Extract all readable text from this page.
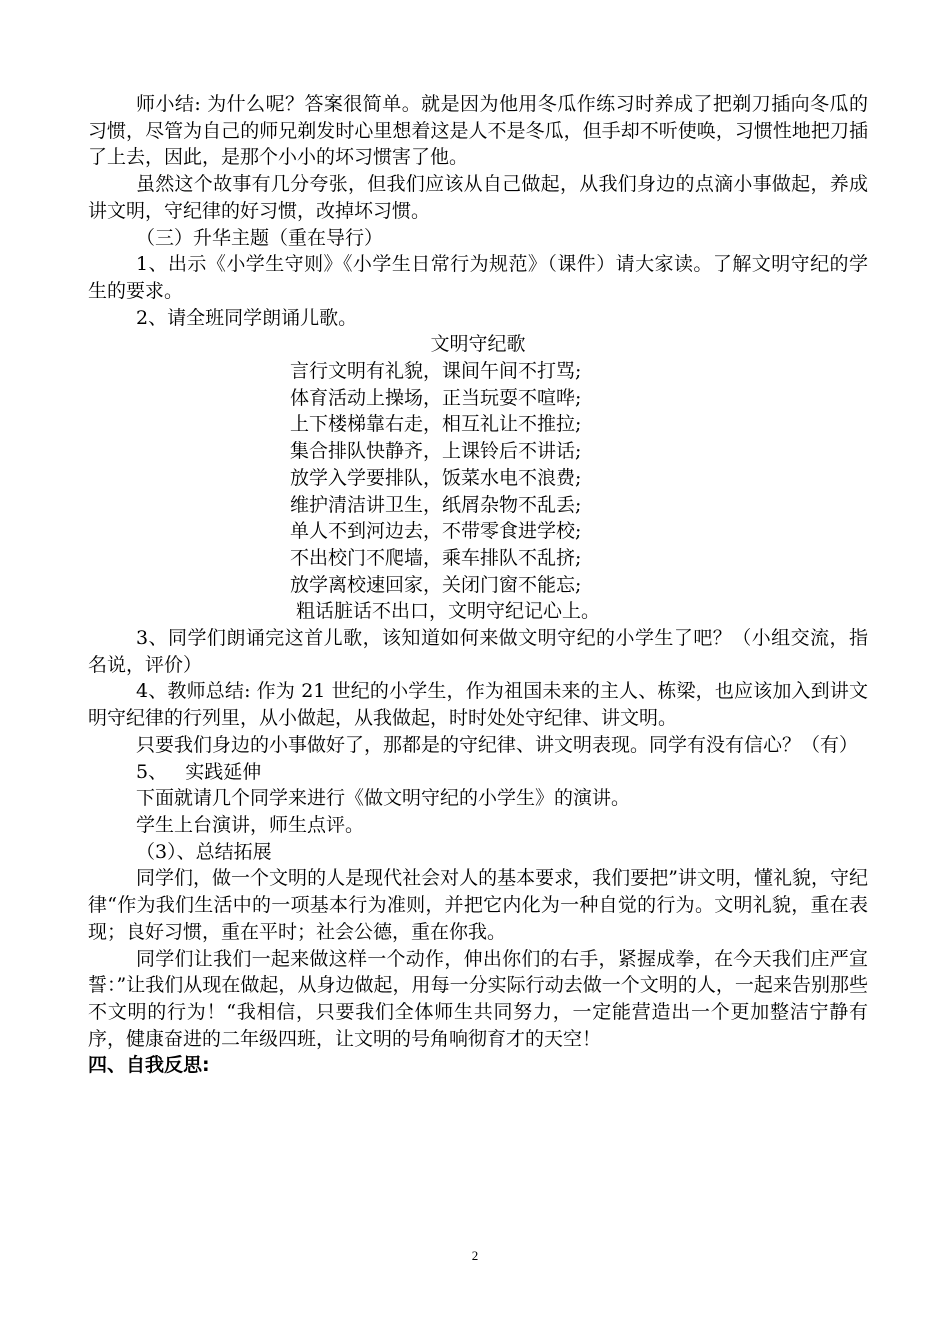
师小结: 为什么呢？答案很简单。就是因为他用冬瓜作练习时养成了把剃刀插向冬瓜的习惯，尽管为自己的师兄剃发时心里想着这是人不是冬瓜，但手却不听使唤，习惯性地把刀插了上去，因此，是那个小小的坏习惯害了他。

虽然这个故事有几分夸张，但我们应该从自己做起，从我们身边的点滴小事做起，养成讲文明，守纪律的好习惯，改掉坏习惯。

（三）升华主题（重在导行）

1、出示《小学生守则》《小学生日常行为规范》（课件）请大家读。了解文明守纪的学生的要求。

2、请全班同学朗诵儿歌。

文明守纪歌

言行文明有礼貌，课间午间不打骂;
体育活动上操场，正当玩耍不喧哗;
上下楼梯靠右走，相互礼让不推拉;
集合排队快静齐，上课铃后不讲话;
放学入学要排队，饭菜水电不浪费;
维护清洁讲卫生，纸屑杂物不乱丢;
单人不到河边去，不带零食进学校;
不出校门不爬墙，乘车排队不乱挤;
放学离校速回家，关闭门窗不能忘;
粗话脏话不出口，文明守纪记心上。

3、同学们朗诵完这首儿歌，该知道如何来做文明守纪的小学生了吧？（小组交流，指名说，评价）

4、教师总结: 作为 21 世纪的小学生，作为祖国未来的主人、栋梁，也应该加入到讲文明守纪律的行列里，从小做起，从我做起，时时处处守纪律、讲文明。

只要我们身边的小事做好了，那都是的守纪律、讲文明表现。同学有没有信心？（有）

5、   实践延伸

下面就请几个同学来进行《做文明守纪的小学生》的演讲。

学生上台演讲，师生点评。

（3）、总结拓展

同学们，做一个文明的人是现代社会对人的基本要求，我们要把”讲文明，懂礼貌，守纪律“作为我们生活中的一项基本行为准则，并把它内化为一种自觉的行为。文明礼貌，重在表现；良好习惯，重在平时；社会公德，重在你我。

同学们让我们一起来做这样一个动作，伸出你们的右手，紧握成拳，在今天我们庄严宣誓：”让我们从现在做起，从身边做起，用每一分实际行动去做一个文明的人，一起来告别那些不文明的行为！“我相信，只要我们全体师生共同努力，一定能营造出一个更加整洁宁静有序，健康奋进的二年级四班，让文明的号角响彻育才的天空！

四、自我反思:

2
